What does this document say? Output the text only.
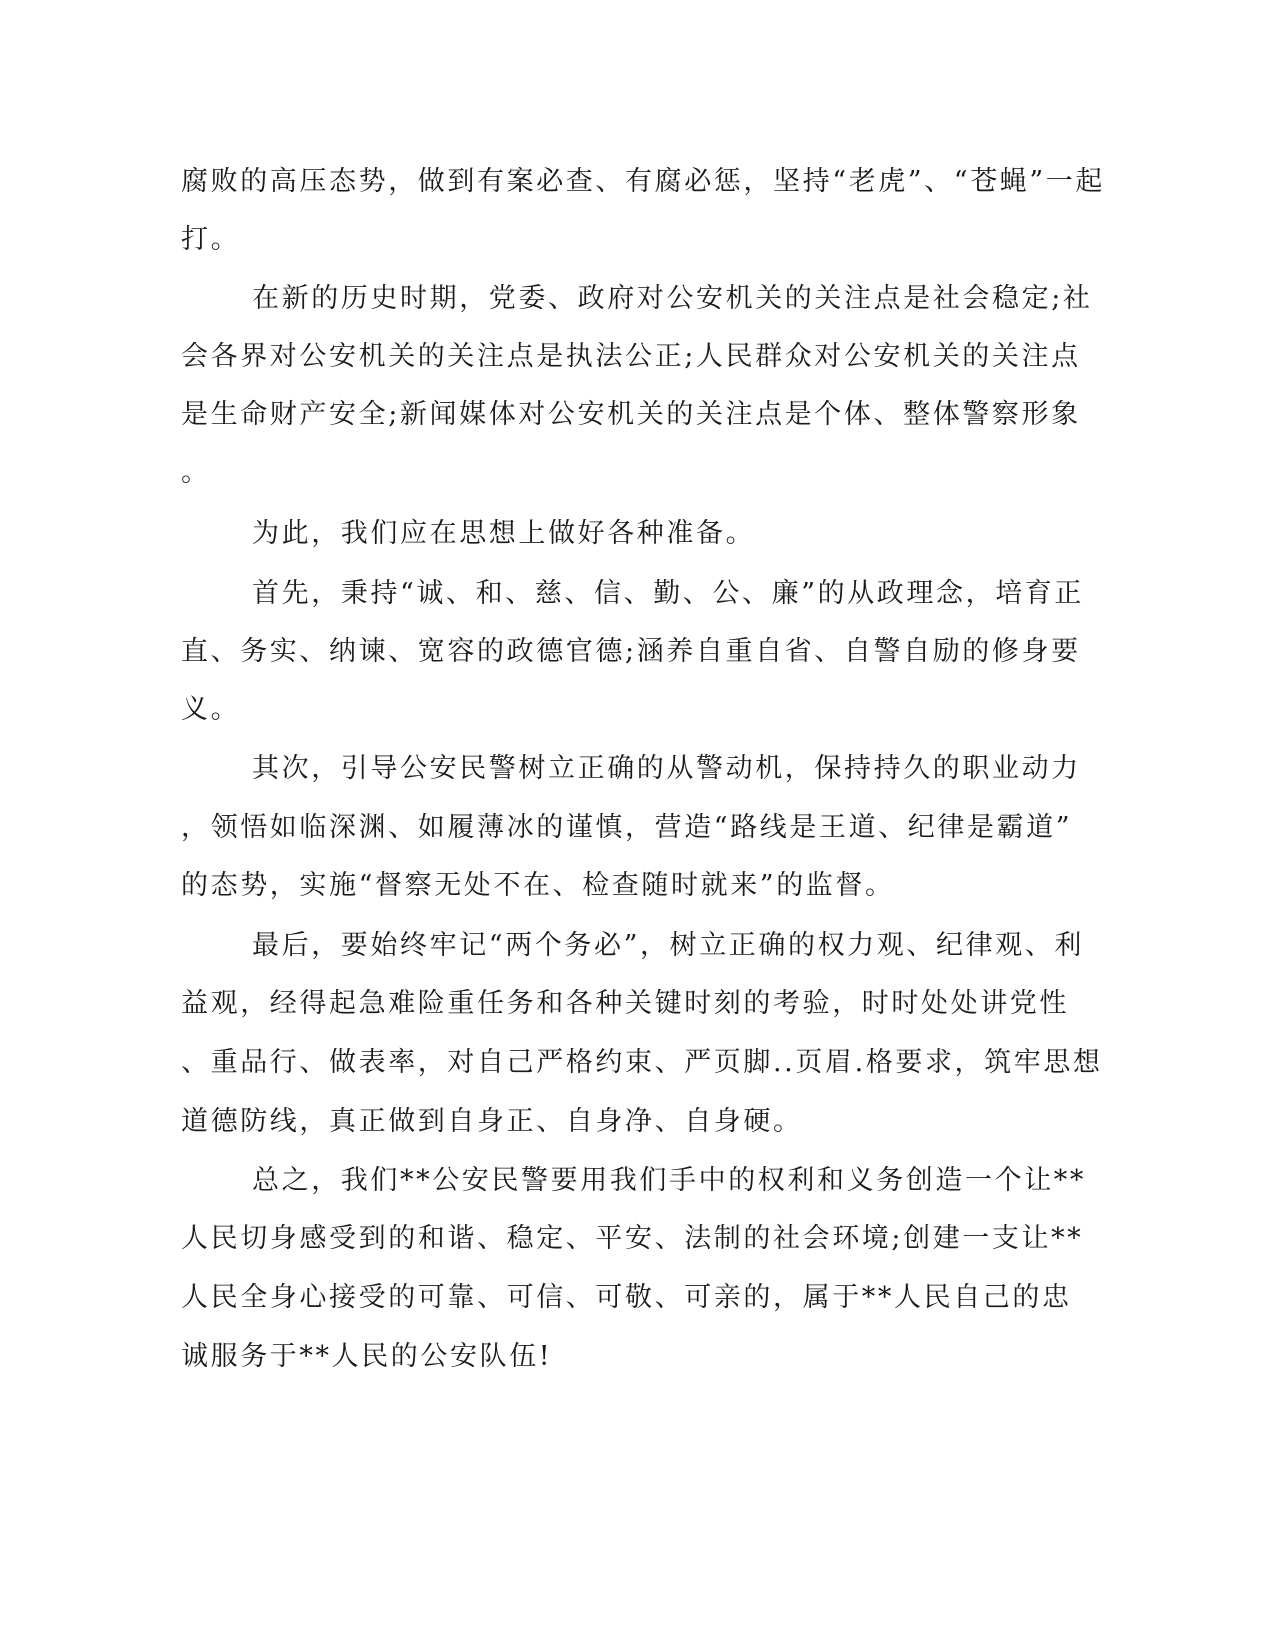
腐败的高压态势，做到有案必查、有腐必惩，坚持“老虎”、“苍蝇”一起
打。
在新的历史时期，党委、政府对公安机关的关注点是社会稳定;社
会各界对公安机关的关注点是执法公正;人民群众对公安机关的关注点
是生命财产安全;新闻媒体对公安机关的关注点是个体、整体警察形象
。
为此，我们应在思想上做好各种准备。
首先，秉持“诚、和、慈、信、勤、公、廉”的从政理念，培育正
直、务实、纳谏、宽容的政德官德;涵养自重自省、自警自励的修身要
义。
其次，引导公安民警树立正确的从警动机，保持持久的职业动力
，领悟如临深渊、如履薄冰的谨慎，营造“路线是王道、纪律是霸道”
的态势，实施“督察无处不在、检查随时就来”的监督。
最后，要始终牢记“两个务必”，树立正确的权力观、纪律观、利
益观，经得起急难险重任务和各种关键时刻的考验，时时处处讲党性
、重品行、做表率，对自己严格约束、严页脚..页眉.格要求，筑牢思想
道德防线，真正做到自身正、自身净、自身硬。
总之，我们**公安民警要用我们手中的权利和义务创造一个让**
人民切身感受到的和谐、稳定、平安、法制的社会环境;创建一支让**
人民全身心接受的可靠、可信、可敬、可亲的，属于**人民自己的忠
诚服务于**人民的公安队伍!
